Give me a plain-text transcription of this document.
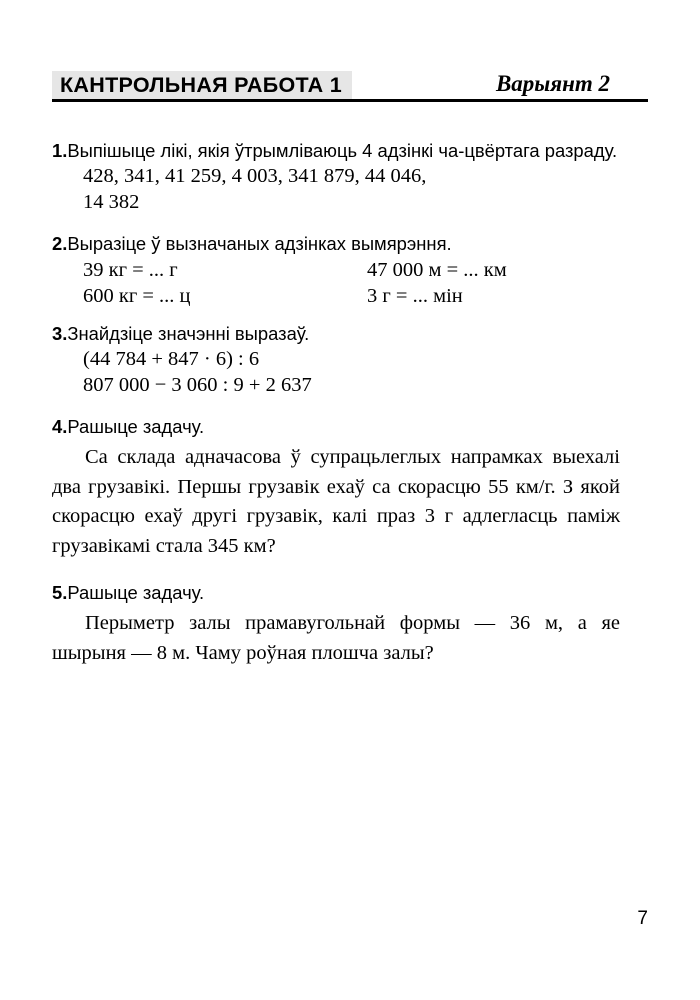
КАНТРОЛЬНАЯ РАБОТА 1	Варыянт 2

1.Выпішыце лікі, якія ўтрымліваюць 4 адзінкі ча-цвёртага разраду.

428, 341, 41 259, 4 003, 341 879, 44 046,
14 382

2.Выразіце ў вызначаных адзінках вымярэння.

39 кг = ... г	47 000 м = ... км
600 кг = ... ц	3 г = ... мін

3.Знайдзіце значэнні выразаў.

(44 784 + 847 · 6) : 6
807 000 − 3 060 : 9 + 2 637

4.Рашыце задачу.

Са склада адначасова ў супрацьлеглых напрамках выехалі два грузавікі. Першы грузавік ехаў са скорасцю 55 км/г. З якой скорасцю ехаў другі грузавік, калі праз 3 г адлегласць паміж грузавікамі стала 345 км?

5.Рашыце задачу.

Перыметр залы прамавугольнай формы — 36 м, а яе шырыня — 8 м. Чаму роўная плошча залы?

7
